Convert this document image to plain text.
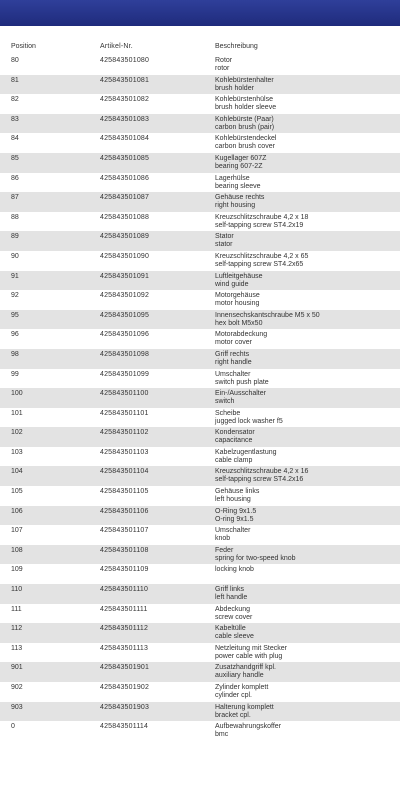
Position	Artikel-Nr.	Beschreibung
80	425843501080	Rotor
rotor
81	425843501081	Kohlebürstenhalter
brush holder
82	425843501082	Kohlebürstenhülse
brush holder sleeve
83	425843501083	Kohlebürste (Paar)
carbon brush (pair)
84	425843501084	Kohlebürstendeckel
carbon brush cover
85	425843501085	Kugellager 607Z
bearing 607-2Z
86	425843501086	Lagerhülse
bearing sleeve
87	425843501087	Gehäuse rechts
right housing
88	425843501088	Kreuzschlitzschraube 4,2 x 18
self-tapping screw ST4.2x19
89	425843501089	Stator
stator
90	425843501090	Kreuzschlitzschraube 4,2 x 65
self-tapping screw ST4.2x65
91	425843501091	Luftleitgehäuse
wind guide
92	425843501092	Motorgehäuse
motor housing
95	425843501095	Innensechskantschraube M5 x 50
hex bolt M5x50
96	425843501096	Motorabdeckung
motor cover
98	425843501098	Griff rechts
right handle
99	425843501099	Umschalter
switch push plate
100	425843501100	Ein-/Ausschalter
switch
101	425843501101	Scheibe
jugged lock washer f5
102	425843501102	Kondensator
capacitance
103	425843501103	Kabelzugentlastung
cable clamp
104	425843501104	Kreuzschlitzschraube 4,2 x 16
self-tapping screw ST4.2x16
105	425843501105	Gehäuse links
left housing
106	425843501106	O-Ring 9x1.5
O-ring 9x1.5
107	425843501107	Umschalter
knob
108	425843501108	Feder
spring for two-speed knob
109	425843501109	locking knob
110	425843501110	Griff links
left handle
111	425843501111	Abdeckung
screw cover
112	425843501112	Kabeltülle
cable sleeve
113	425843501113	Netzleitung mit Stecker
power cable with plug
901	425843501901	Zusatzhandgriff kpl.
auxiliary handle
902	425843501902	Zylinder komplett
cylinder cpl.
903	425843501903	Halterung komplett
bracket cpl.
0	425843501114	Aufbewahrungskoffer
bmc
